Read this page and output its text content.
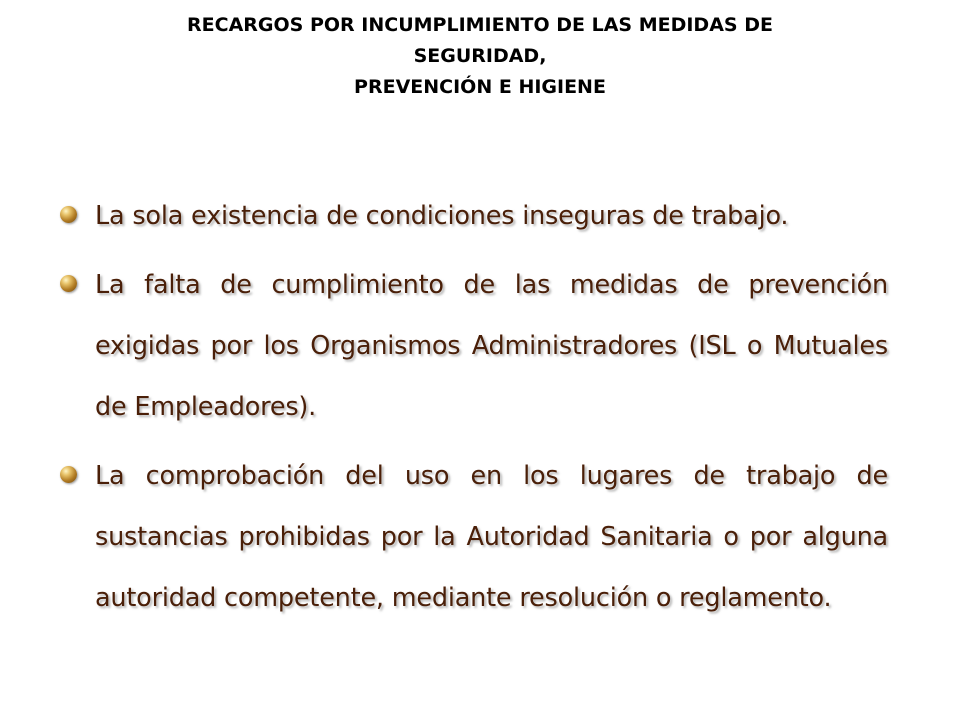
RECARGOS POR INCUMPLIMIENTO DE LAS MEDIDAS DE
SEGURIDAD,
PREVENCIÓN E HIGIENE
La sola existencia de condiciones inseguras de trabajo.
La falta de cumplimiento de las medidas de prevención exigidas por los Organismos Administradores (ISL o Mutuales de Empleadores).
La comprobación del uso en los lugares de trabajo de sustancias prohibidas por la Autoridad Sanitaria o por alguna autoridad competente, mediante resolución o reglamento.
